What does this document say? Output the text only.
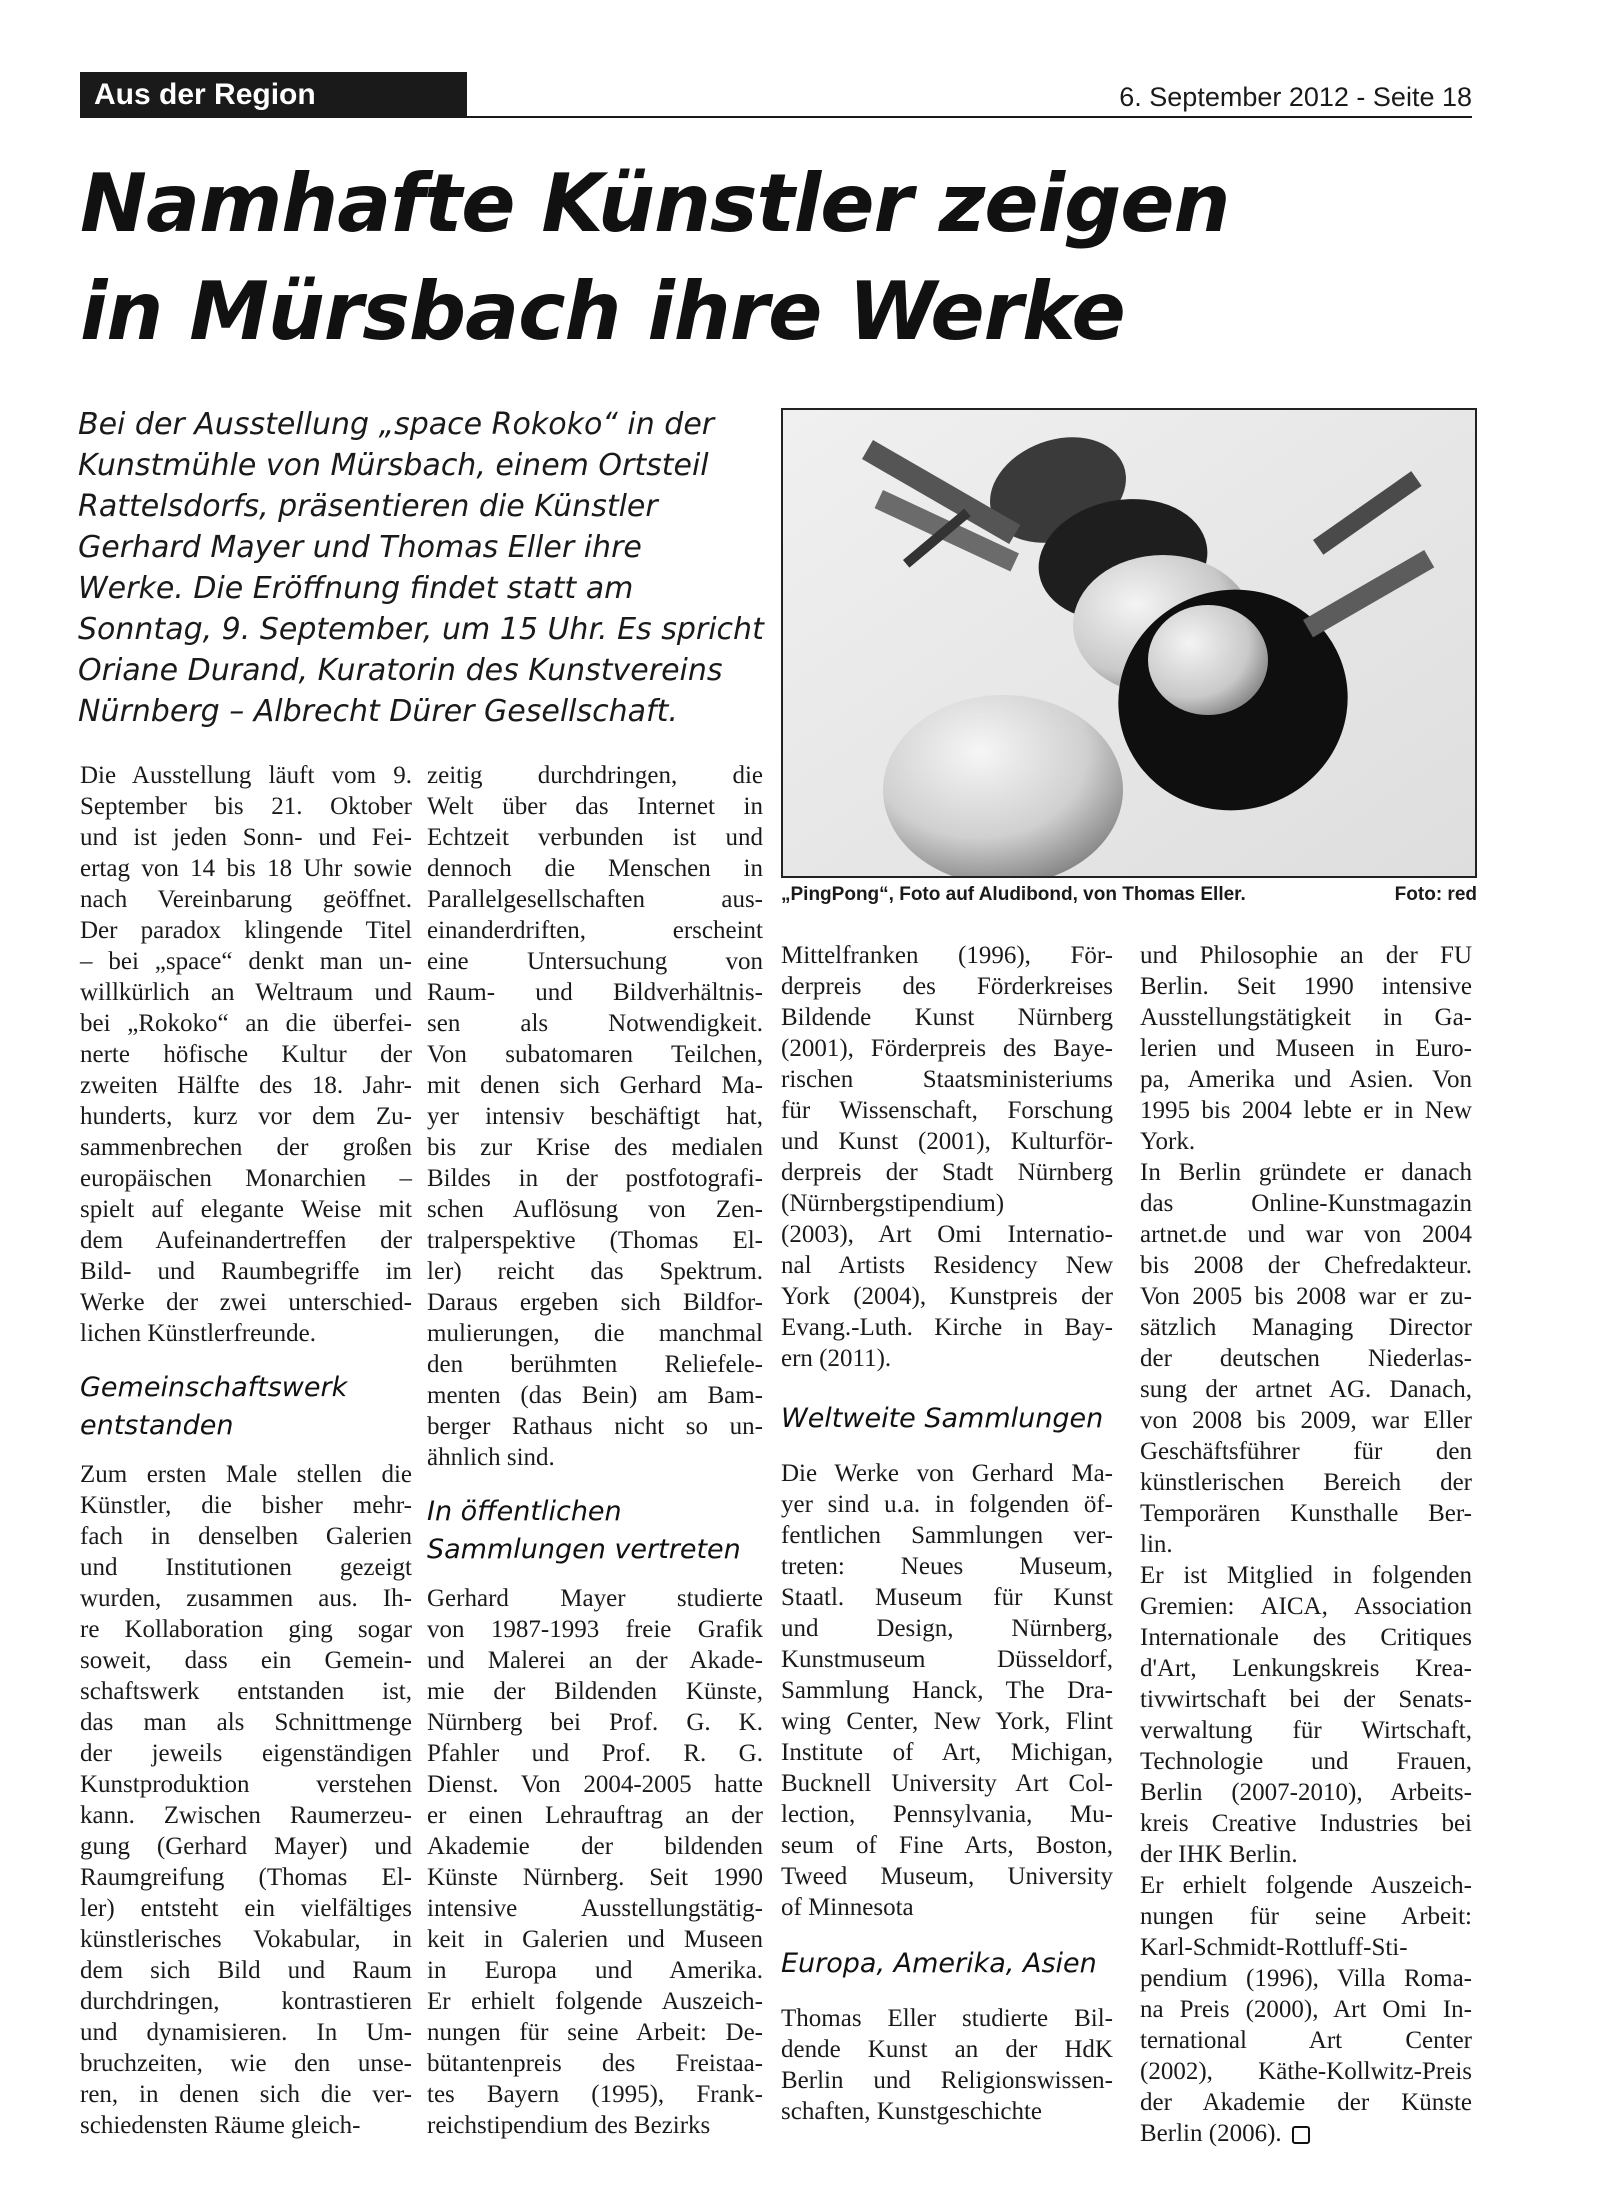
Aus der Region	6. September 2012 - Seite 18
Namhafte Künstler zeigen
in Mürsbach ihre Werke
Bei der Ausstellung „space Rokoko“ in der
Kunstmühle von Mürsbach, einem Ortsteil
Rattelsdorfs, präsentieren die Künstler
Gerhard Mayer und Thomas Eller ihre
Werke. Die Eröffnung findet statt am
Sonntag, 9. September, um 15 Uhr. Es spricht
Oriane Durand, Kuratorin des Kunstvereins
Nürnberg – Albrecht Dürer Gesellschaft.
„PingPong“, Foto auf Aludibond, von Thomas Eller.	Foto: red

Die Ausstellung läuft vom 9.
September bis 21. Oktober
und ist jeden Sonn- und Fei-
ertag von 14 bis 18 Uhr sowie
nach Vereinbarung geöffnet.
Der paradox klingende Titel
– bei „space“ denkt man un-
willkürlich an Weltraum und
bei „Rokoko“ an die überfei-
nerte höfische Kultur der
zweiten Hälfte des 18. Jahr-
hunderts, kurz vor dem Zu-
sammenbrechen der großen
europäischen Monarchien –
spielt auf elegante Weise mit
dem Aufeinandertreffen der
Bild- und Raumbegriffe im
Werke der zwei unterschied-
lichen Künstlerfreunde.

Gemeinschaftswerk
entstanden

Zum ersten Male stellen die
Künstler, die bisher mehr-
fach in denselben Galerien
und Institutionen gezeigt
wurden, zusammen aus. Ih-
re Kollaboration ging sogar
soweit, dass ein Gemein-
schaftswerk entstanden ist,
das man als Schnittmenge
der jeweils eigenständigen
Kunstproduktion verstehen
kann. Zwischen Raumerzeu-
gung (Gerhard Mayer) und
Raumgreifung (Thomas El-
ler) entsteht ein vielfältiges
künstlerisches Vokabular, in
dem sich Bild und Raum
durchdringen, kontrastieren
und dynamisieren. In Um-
bruchzeiten, wie den unse-
ren, in denen sich die ver-
schiedensten Räume gleich-

zeitig durchdringen, die
Welt über das Internet in
Echtzeit verbunden ist und
dennoch die Menschen in
Parallelgesellschaften aus-
einanderdriften, erscheint
eine Untersuchung von
Raum- und Bildverhältnis-
sen als Notwendigkeit.
Von subatomaren Teilchen,
mit denen sich Gerhard Ma-
yer intensiv beschäftigt hat,
bis zur Krise des medialen
Bildes in der postfotografi-
schen Auflösung von Zen-
tralperspektive (Thomas El-
ler) reicht das Spektrum.
Daraus ergeben sich Bildfor-
mulierungen, die manchmal
den berühmten Reliefele-
menten (das Bein) am Bam-
berger Rathaus nicht so un-
ähnlich sind.

In öffentlichen
Sammlungen vertreten

Gerhard Mayer studierte
von 1987-1993 freie Grafik
und Malerei an der Akade-
mie der Bildenden Künste,
Nürnberg bei Prof. G. K.
Pfahler und Prof. R. G.
Dienst. Von 2004-2005 hatte
er einen Lehrauftrag an der
Akademie der bildenden
Künste Nürnberg. Seit 1990
intensive Ausstellungstätig-
keit in Galerien und Museen
in Europa und Amerika.
Er erhielt folgende Auszeich-
nungen für seine Arbeit: De-
bütantenpreis des Freistaa-
tes Bayern (1995), Frank-
reichstipendium des Bezirks

Mittelfranken (1996), För-
derpreis des Förderkreises
Bildende Kunst Nürnberg
(2001), Förderpreis des Baye-
rischen Staatsministeriums
für Wissenschaft, Forschung
und Kunst (2001), Kulturför-
derpreis der Stadt Nürnberg
(Nürnbergstipendium)
(2003), Art Omi Internatio-
nal Artists Residency New
York (2004), Kunstpreis der
Evang.-Luth. Kirche in Bay-
ern (2011).

Weltweite Sammlungen

Die Werke von Gerhard Ma-
yer sind u.a. in folgenden öf-
fentlichen Sammlungen ver-
treten: Neues Museum,
Staatl. Museum für Kunst
und Design, Nürnberg,
Kunstmuseum Düsseldorf,
Sammlung Hanck, The Dra-
wing Center, New York, Flint
Institute of Art, Michigan,
Bucknell University Art Col-
lection, Pennsylvania, Mu-
seum of Fine Arts, Boston,
Tweed Museum, University
of Minnesota

Europa, Amerika, Asien

Thomas Eller studierte Bil-
dende Kunst an der HdK
Berlin und Religionswissen-
schaften, Kunstgeschichte

und Philosophie an der FU
Berlin. Seit 1990 intensive
Ausstellungstätigkeit in Ga-
lerien und Museen in Euro-
pa, Amerika und Asien. Von
1995 bis 2004 lebte er in New
York.

In Berlin gründete er danach
das Online-Kunstmagazin
artnet.de und war von 2004
bis 2008 der Chefredakteur.
Von 2005 bis 2008 war er zu-
sätzlich Managing Director
der deutschen Niederlas-
sung der artnet AG. Danach,
von 2008 bis 2009, war Eller
Geschäftsführer für den
künstlerischen Bereich der
Temporären Kunsthalle Ber-
lin.

Er ist Mitglied in folgenden
Gremien: AICA, Association
Internationale des Critiques
d'Art, Lenkungskreis Krea-
tivwirtschaft bei der Senats-
verwaltung für Wirtschaft,
Technologie und Frauen,
Berlin (2007-2010), Arbeits-
kreis Creative Industries bei
der IHK Berlin.

Er erhielt folgende Auszeich-
nungen für seine Arbeit:
Karl-Schmidt-Rottluff-Sti-
pendium (1996), Villa Roma-
na Preis (2000), Art Omi In-
ternational Art Center
(2002), Käthe-Kollwitz-Preis
der Akademie der Künste
Berlin (2006).
